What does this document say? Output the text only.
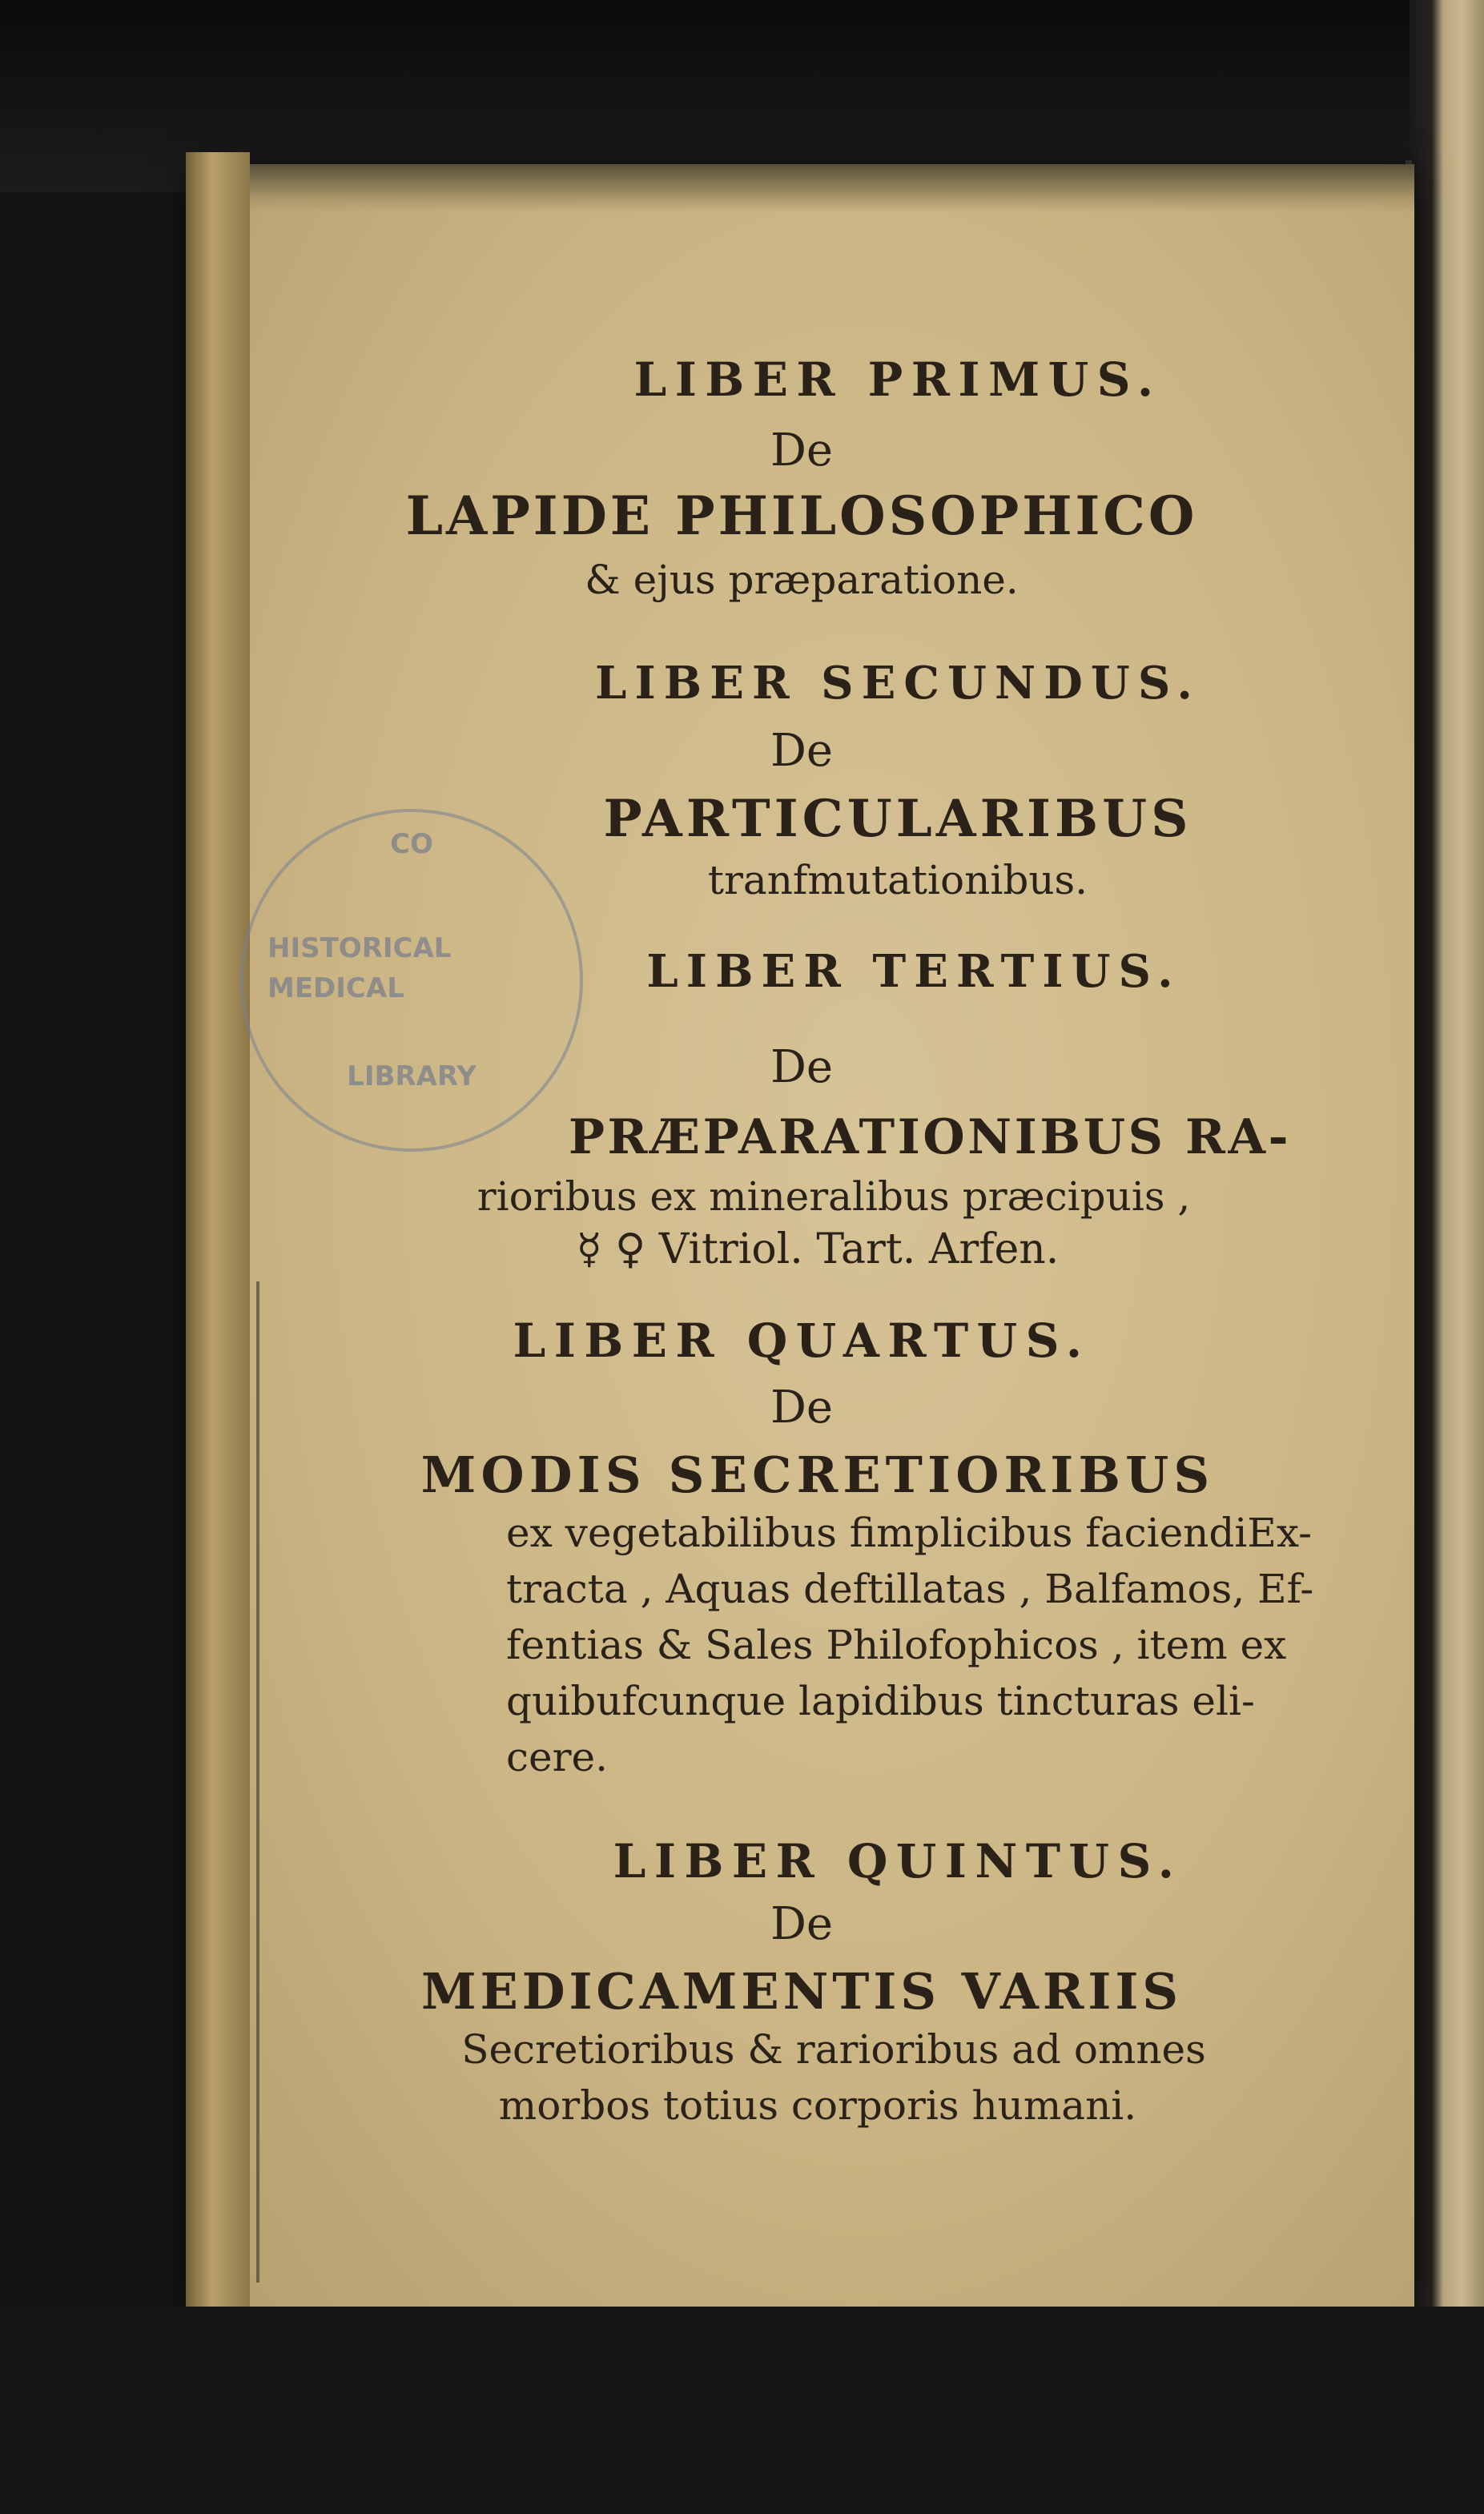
CO
HISTORICAL
MEDICAL
LIBRARY
LIBER PRIMUS.
De
LAPIDE PHILOSOPHICO
& ejus præparatione.
LIBER SECUNDUS.
De
PARTICULARIBUS
tranfmutationibus.
LIBER TERTIUS.
De
PRÆPARATIONIBUS RA-
rioribus ex mineralibus præcipuis ,
☿ ♀ Vitriol. Tart. Arfen.
LIBER QUARTUS.
De
MODIS SECRETIORIBUS
ex vegetabilibus fimplicibus faciendiEx-
tracta , Aquas deftillatas , Balfamos, Ef-
fentias & Sales Philofophicos , item ex
quibufcunque lapidibus tincturas eli-
cere.
LIBER QUINTUS.
De
MEDICAMENTIS VARIIS
Secretioribus & rarioribus ad omnes
morbos totius corporis humani.
